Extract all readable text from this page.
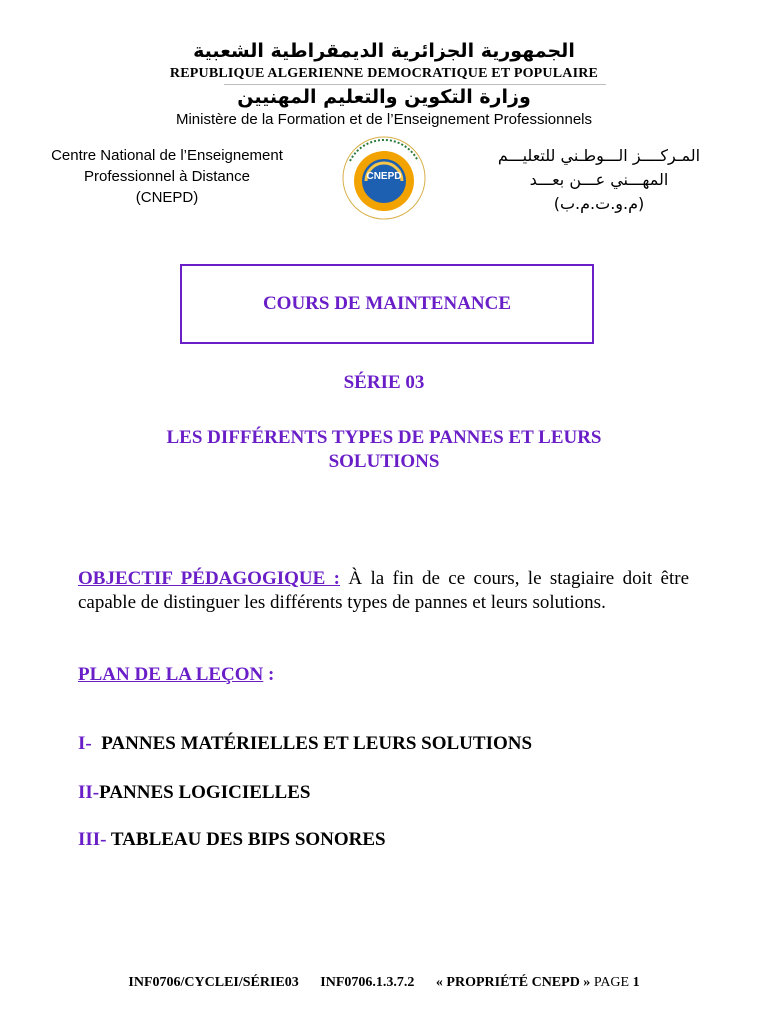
الجمهورية الجزائرية الديمقراطية الشعبية
REPUBLIQUE ALGERIENNE DEMOCRATIQUE ET POPULAIRE
وزارة التكوين والتعليم المهنيين
Ministère de la Formation et de l’Enseignement Professionnels
Centre National de l’Enseignement
Professionnel à Distance
(CNEPD)
CNEPD
المـركــــز الـــوطـني للتعليـــم
المهـــني عـــن بعـــد
(م.و.ت.م.ب)
COURS DE MAINTENANCE
SÉRIE 03
LES DIFFÉRENTS TYPES DE PANNES ET LEURS
SOLUTIONS
OBJECTIF PÉDAGOGIQUE : À la fin de ce cours, le stagiaire doit être capable de distinguer les différents types de pannes et leurs solutions.
PLAN DE LA LEÇON :
I-  PANNES MATÉRIELLES ET LEURS SOLUTIONS
II-PANNES LOGICIELLES
III- TABLEAU DES BIPS SONORES
INF0706/CYCLEI/SÉRIE03 INF0706.1.3.7.2 « PROPRIÉTÉ CNEPD » PAGE 1
